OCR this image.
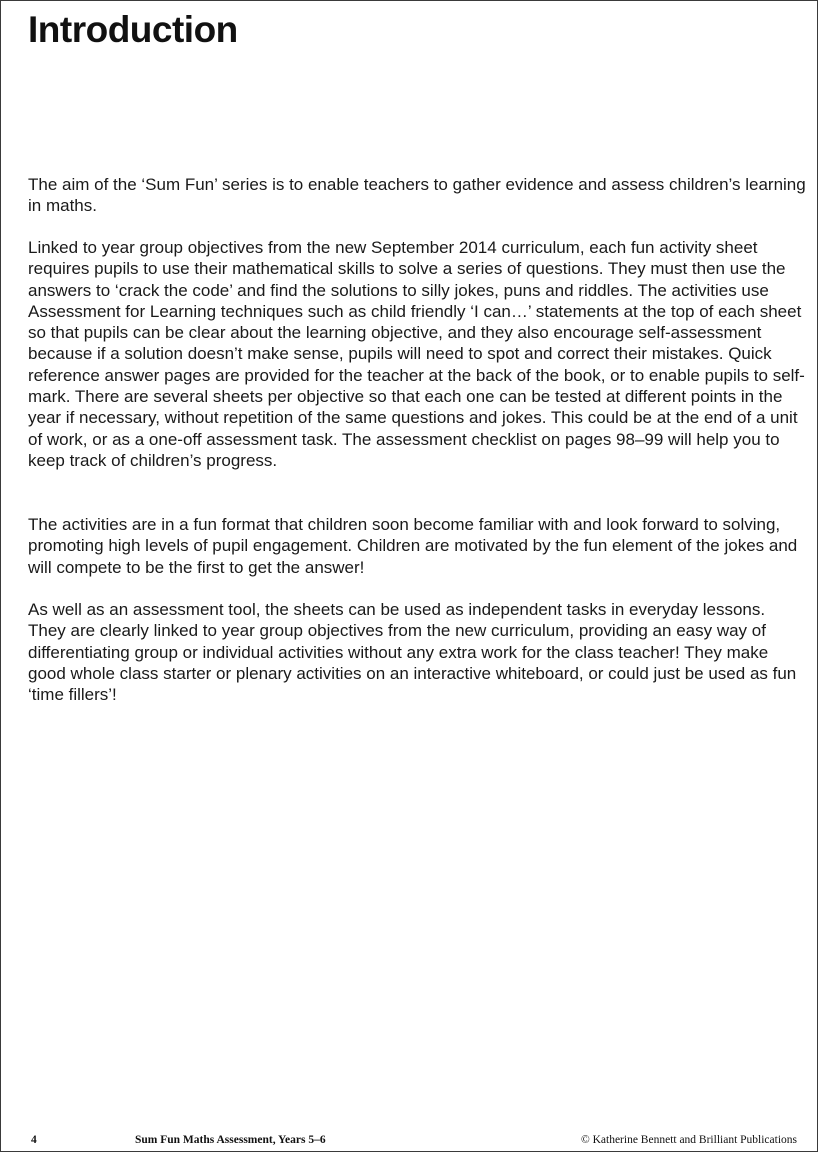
Introduction

The aim of the ‘Sum Fun’ series is to enable teachers to gather evidence and assess children’s learning in maths.

Linked to year group objectives from the new September 2014 curriculum, each fun activity sheet requires pupils to use their mathematical skills to solve a series of questions. They must then use the answers to ‘crack the code’ and find the solutions to silly jokes, puns and riddles. The activities use Assessment for Learning techniques such as child friendly ‘I can…’ statements at the top of each sheet so that pupils can be clear about the learning objective, and they also encourage self-assessment because if a solution doesn’t make sense, pupils will need to spot and correct their mistakes. Quick reference answer pages are provided for the teacher at the back of the book, or to enable pupils to self-mark. There are several sheets per objective so that each one can be tested at different points in the year if necessary, without repetition of the same questions and jokes. This could be at the end of a unit of work, or as a one-off assessment task. The assessment checklist on pages 98–99 will help you to keep track of children’s progress.

The activities are in a fun format that children soon become familiar with and look forward to solving, promoting high levels of pupil engagement. Children are motivated by the fun element of the jokes and will compete to be the first to get the answer!

As well as an assessment tool, the sheets can be used as independent tasks in everyday lessons. They are clearly linked to year group objectives from the new curriculum, providing an easy way of differentiating group or individual activities without any extra work for the class teacher! They make good whole class starter or plenary activities on an interactive whiteboard, or could just be used as fun ‘time fillers’!

4	Sum Fun Maths Assessment, Years 5–6	© Katherine Bennett and Brilliant Publications
